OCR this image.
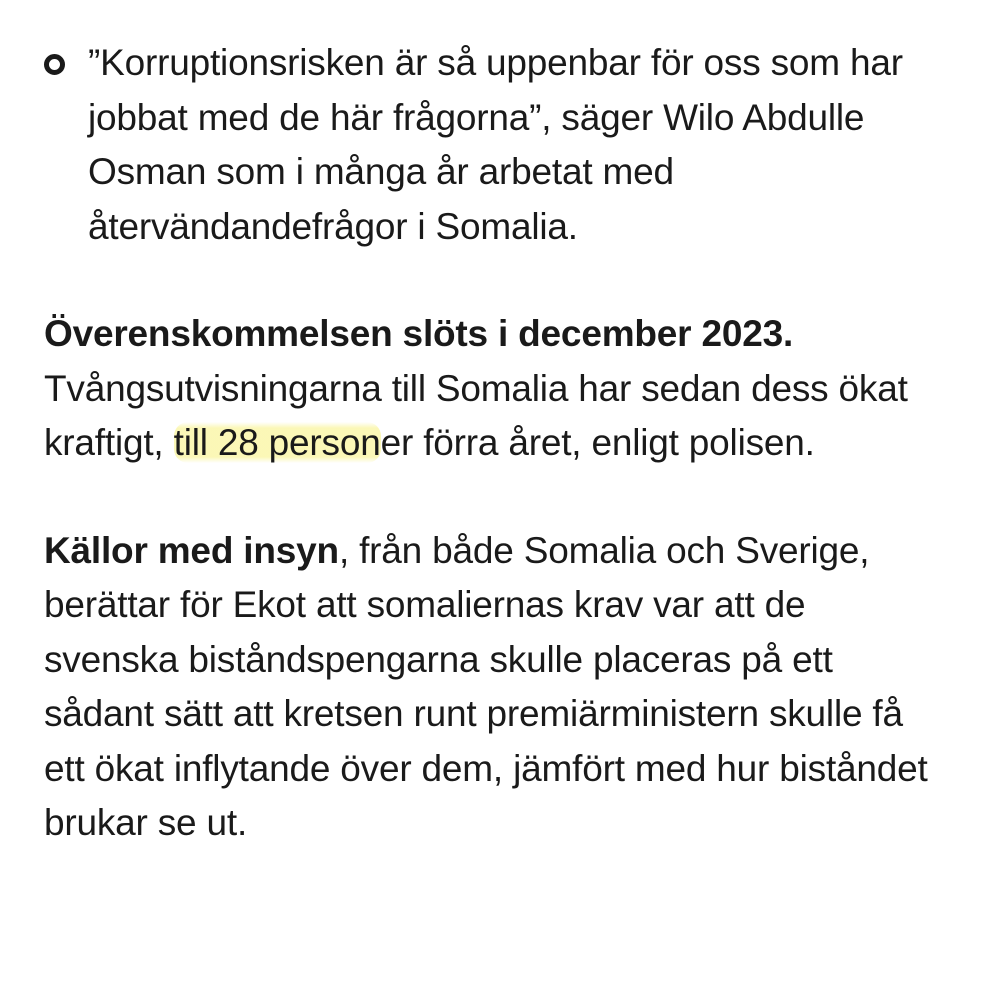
”Korruptionsrisken är så uppenbar för oss som har jobbat med de här frågorna”, säger Wilo Abdulle Osman som i många år arbetat med återvändandefrågor i Somalia.

Överenskommelsen slöts i december 2023. Tvångsutvisningarna till Somalia har sedan dess ökat kraftigt, till 28 personer förra året, enligt polisen.

Källor med insyn, från både Somalia och Sverige, berättar för Ekot att somaliernas krav var att de svenska biståndspengarna skulle placeras på ett sådant sätt att kretsen runt premiärministern skulle få ett ökat inflytande över dem, jämfört med hur biståndet brukar se ut.
